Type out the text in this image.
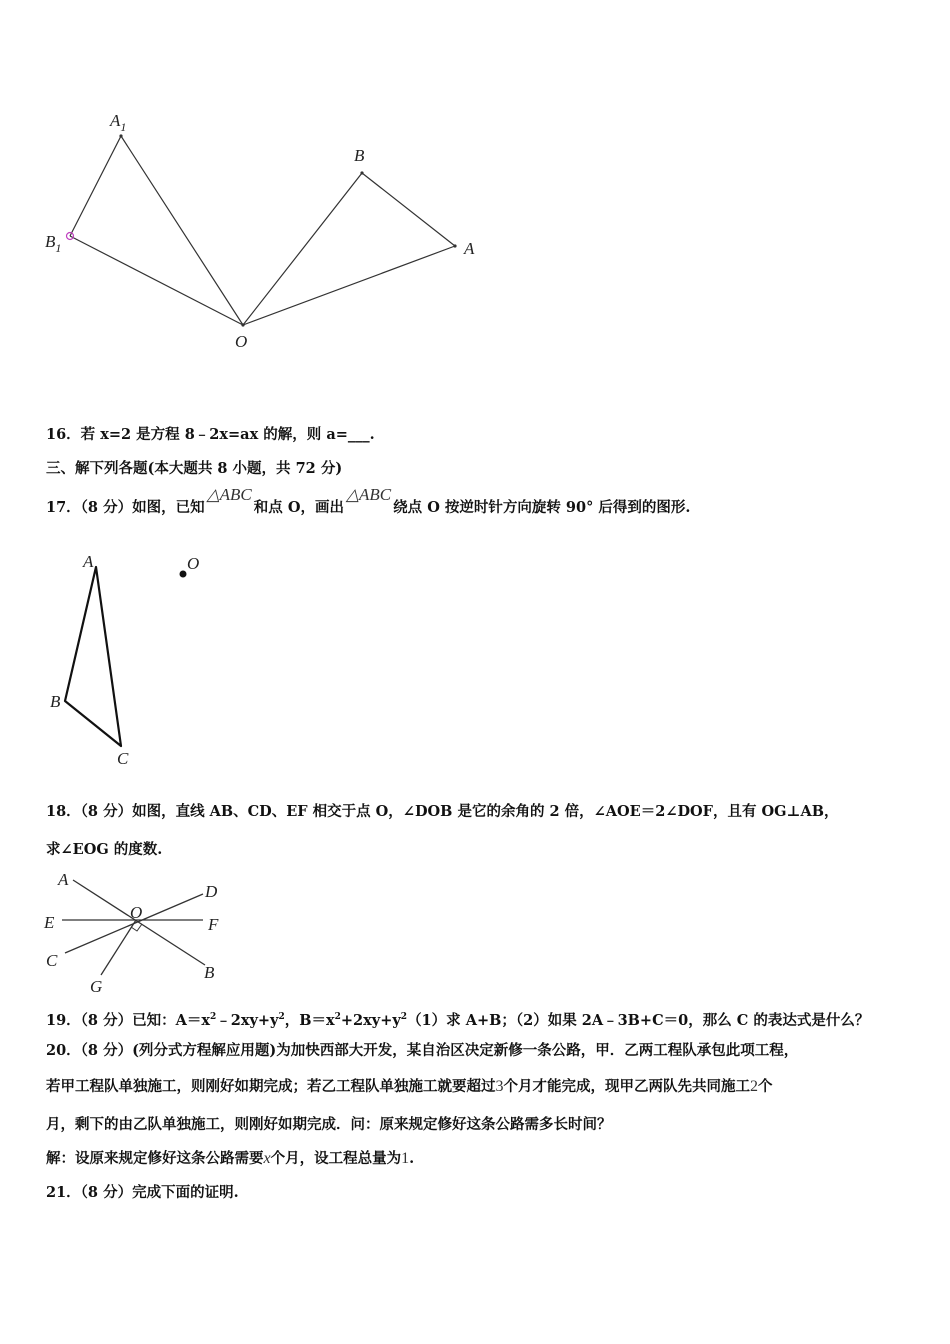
$A_1$
$B_1$
B
A
O
16．若 x=2 是方程 8﹣2x=ax 的解，则 a=___.
三、解下列各题(本大题共 8 小题，共 72 分)
17．（8 分）如图，已知△ABC和点 O，画出△ABC绕点 O 按逆时针方向旋转 90° 后得到的图形.
A
B
C
O
18．（8 分）如图，直线 AB、CD、EF 相交于点 O，∠DOB 是它的余角的 2 倍，∠AOE＝2∠DOF，且有 OG⊥AB，
求∠EOG 的度数.
A
D
E
O
F
C
B
G
19．（8 分）已知：$A=x^2﹣2xy+y^2$，$B=x^2+2xy+y^2(1)$求 A+B；（2）如果 2A﹣3B+C＝0，那么 C 的表达式是什么？
20．（8 分）(列分式方程解应用题)为加快西部大开发，某自治区决定新修一条公路，甲．乙两工程队承包此项工程，
若甲工程队单独施工，则刚好如期完成；若乙工程队单独施工就要超过3个月才能完成，现甲乙两队先共同施工2个
月，剩下的由乙队单独施工，则刚好如期完成．问：原来规定修好这条公路需多长时间？
解：设原来规定修好这条公路需要x个月，设工程总量为1.
21．（8 分）完成下面的证明.
